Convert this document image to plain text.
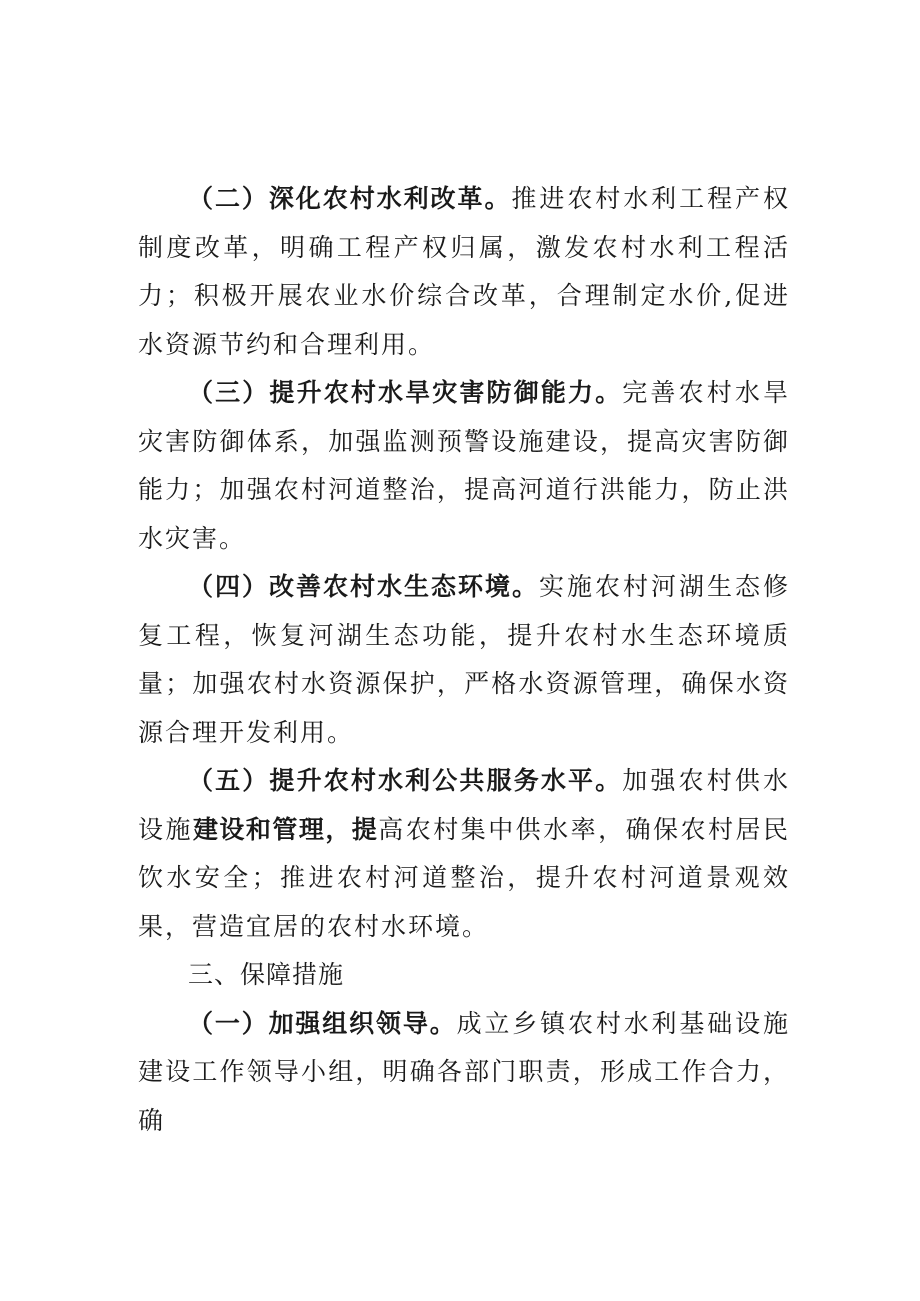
（二）深化农村水利改革。推进农村水利工程产权制度改革，明确工程产权归属，激发农村水利工程活力；积极开展农业水价综合改革，合理制定水价,促进水资源节约和合理利用。

（三）提升农村水旱灾害防御能力。完善农村水旱灾害防御体系，加强监测预警设施建设，提高灾害防御能力；加强农村河道整治，提高河道行洪能力，防止洪水灾害。

（四）改善农村水生态环境。实施农村河湖生态修复工程，恢复河湖生态功能，提升农村水生态环境质量；加强农村水资源保护，严格水资源管理，确保水资源合理开发利用。

（五）提升农村水利公共服务水平。加强农村供水设施建设和管理，提高农村集中供水率，确保农村居民饮水安全；推进农村河道整治，提升农村河道景观效果，营造宜居的农村水环境。

三、保障措施

（一）加强组织领导。成立乡镇农村水利基础设施建设工作领导小组，明确各部门职责，形成工作合力，确
